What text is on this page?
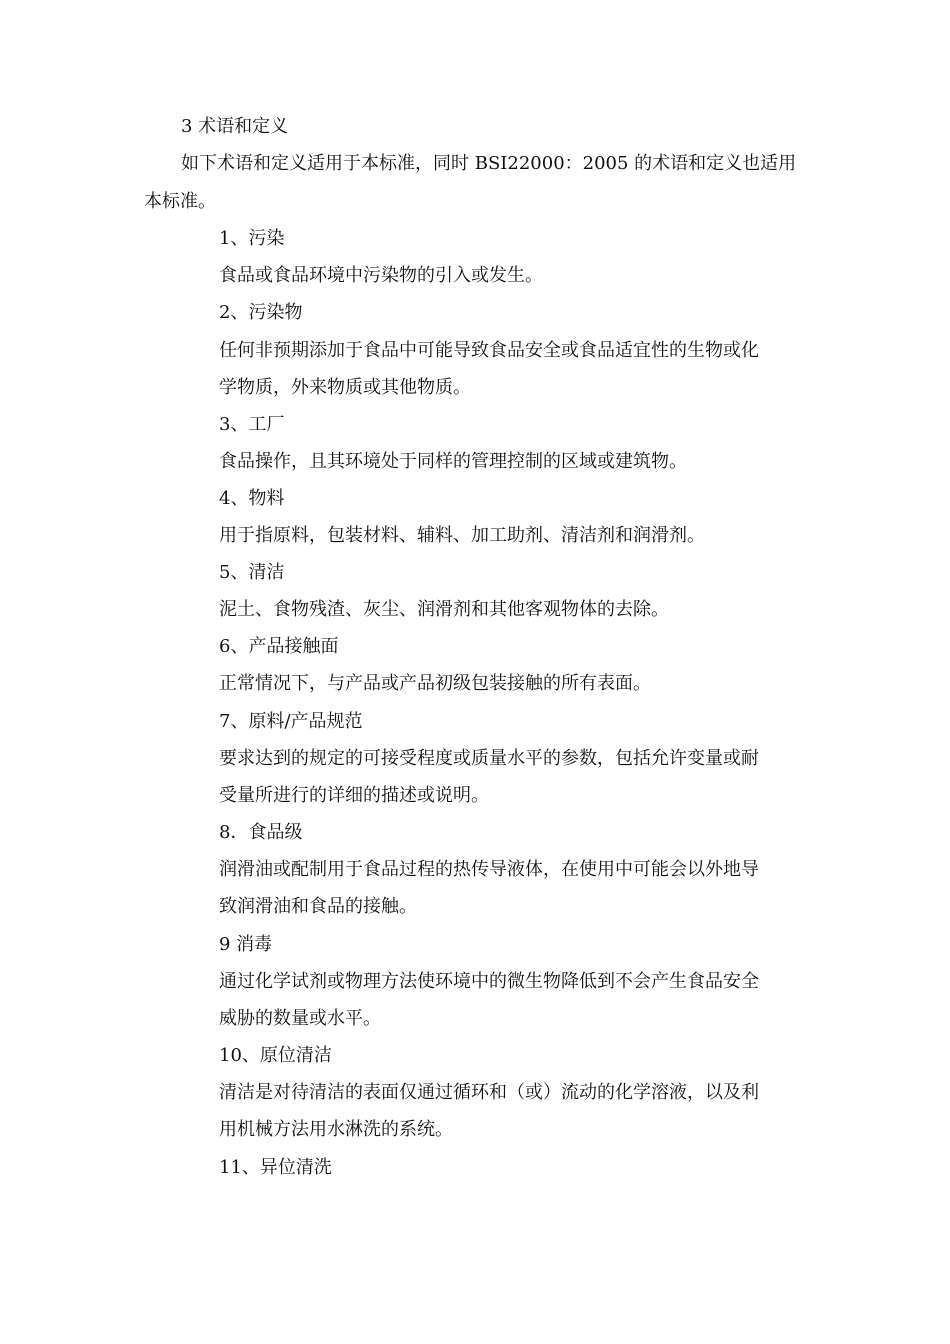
3 术语和定义

如下术语和定义适用于本标准，同时 BSI22000：2005 的术语和定义也适用

本标准。

1、污染

食品或食品环境中污染物的引入或发生。

2、污染物

任何非预期添加于食品中可能导致食品安全或食品适宜性的生物或化

学物质，外来物质或其他物质。

3、工厂

食品操作，且其环境处于同样的管理控制的区域或建筑物。

4、物料

用于指原料，包装材料、辅料、加工助剂、清洁剂和润滑剂。

5、清洁

泥土、食物残渣、灰尘、润滑剂和其他客观物体的去除。

6、产品接触面

正常情况下，与产品或产品初级包装接触的所有表面。

7、原料/产品规范

要求达到的规定的可接受程度或质量水平的参数，包括允许变量或耐

受量所进行的详细的描述或说明。

8．食品级

润滑油或配制用于食品过程的热传导液体，在使用中可能会以外地导

致润滑油和食品的接触。

9 消毒

通过化学试剂或物理方法使环境中的微生物降低到不会产生食品安全

威胁的数量或水平。

10、原位清洁

清洁是对待清洁的表面仅通过循环和（或）流动的化学溶液，以及利

用机械方法用水淋洗的系统。

11、异位清洗
